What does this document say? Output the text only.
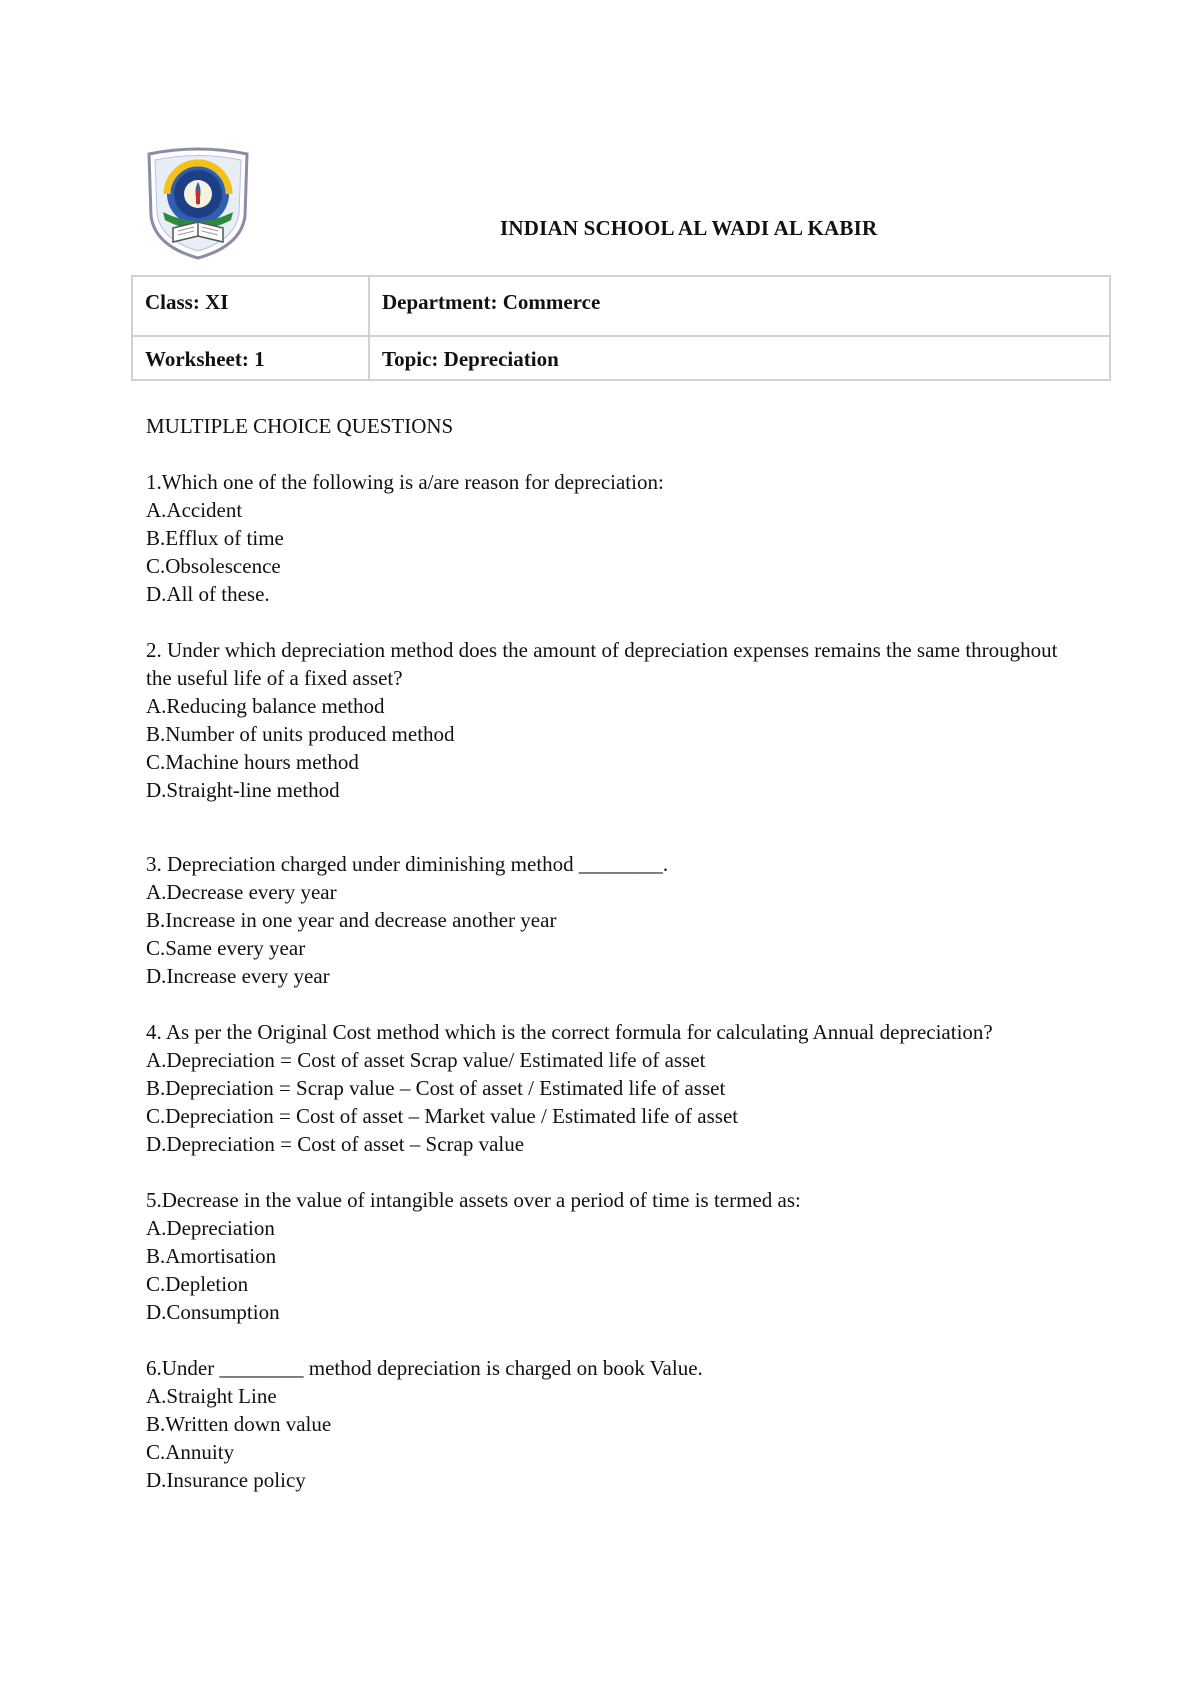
INDIAN SCHOOL AL WADI AL KABIR
Class: XI	Department: Commerce
Worksheet: 1	Topic: Depreciation

MULTIPLE CHOICE QUESTIONS

1.Which one of the following is a/are reason for depreciation:

A.Accident

B.Efflux of time

C.Obsolescence

D.All of these.

2. Under which depreciation method does the amount of depreciation expenses remains the same throughout the useful life of a fixed asset?

A.Reducing balance method

B.Number of units produced method

C.Machine hours method

D.Straight-line method

3. Depreciation charged under diminishing method ________.

A.Decrease every year

B.Increase in one year and decrease another year

C.Same every year

D.Increase every year

4. As per the Original Cost method which is the correct formula for calculating Annual depreciation?

A.Depreciation = Cost of asset Scrap value/ Estimated life of asset

B.Depreciation = Scrap value – Cost of asset / Estimated life of asset

C.Depreciation = Cost of asset – Market value / Estimated life of asset

D.Depreciation = Cost of asset – Scrap value

5.Decrease in the value of intangible assets over a period of time is termed as:

A.Depreciation

B.Amortisation

C.Depletion

D.Consumption

6.Under ________ method depreciation is charged on book Value.

A.Straight Line

B.Written down value

C.Annuity

D.Insurance policy
